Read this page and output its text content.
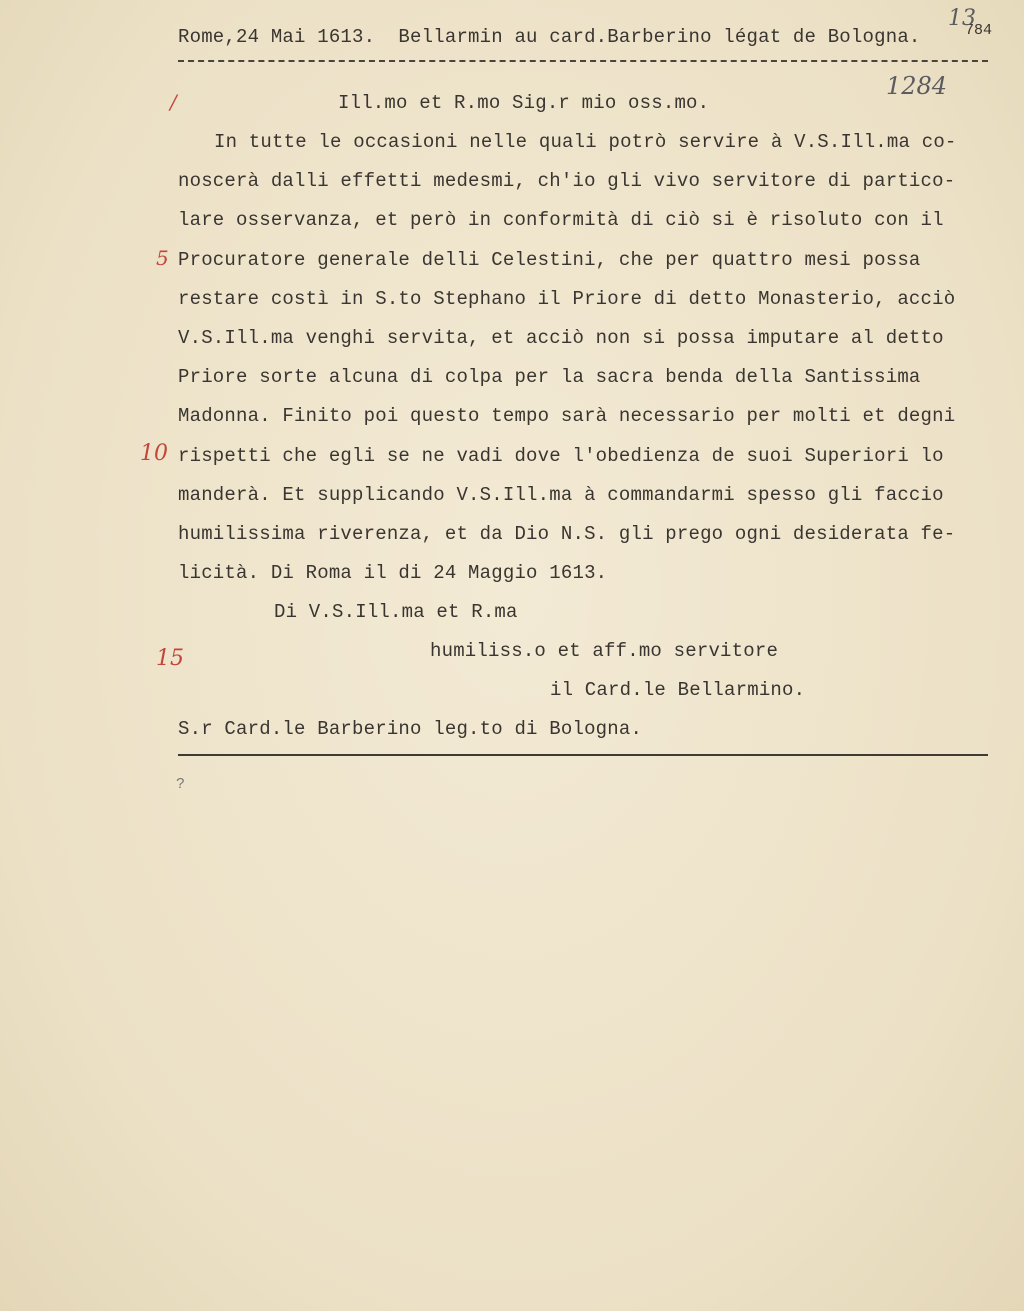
Rome,24 Mai 1613.  Bellarmin au card.Barberino légat de Bologna.	784
13
1284
/	Ill.mo et R.mo Sig.r mio oss.mo.
In tutte le occasioni nelle quali potrò servire à V.S.Ill.ma co-
noscerà dalli effetti medesmi, ch'io gli vivo servitore di partico-
lare osservanza, et però in conformità di ciò si è risoluto con il
5 Procuratore generale delli Celestini, che per quattro mesi possa
restare costì in S.to Stephano il Priore di detto Monasterio, acciò
V.S.Ill.ma venghi servita, et acciò non si possa imputare al detto
Priore sorte alcuna di colpa per la sacra benda della Santissima
Madonna. Finito poi questo tempo sarà necessario per molti et degni
10 rispetti che egli se ne vadi dove l'obedienza de suoi Superiori lo
manderà. Et supplicando V.S.Ill.ma à commandarmi spesso gli faccio
humilissima riverenza, et da Dio N.S. gli prego ogni desiderata fe-
licità. Di Roma il di 24 Maggio 1613.
Di V.S.Ill.ma et R.ma
15	humiliss.o et aff.mo servitore
il Card.le Bellarmino.
S.r Card.le Barberino leg.to di Bologna.
?
